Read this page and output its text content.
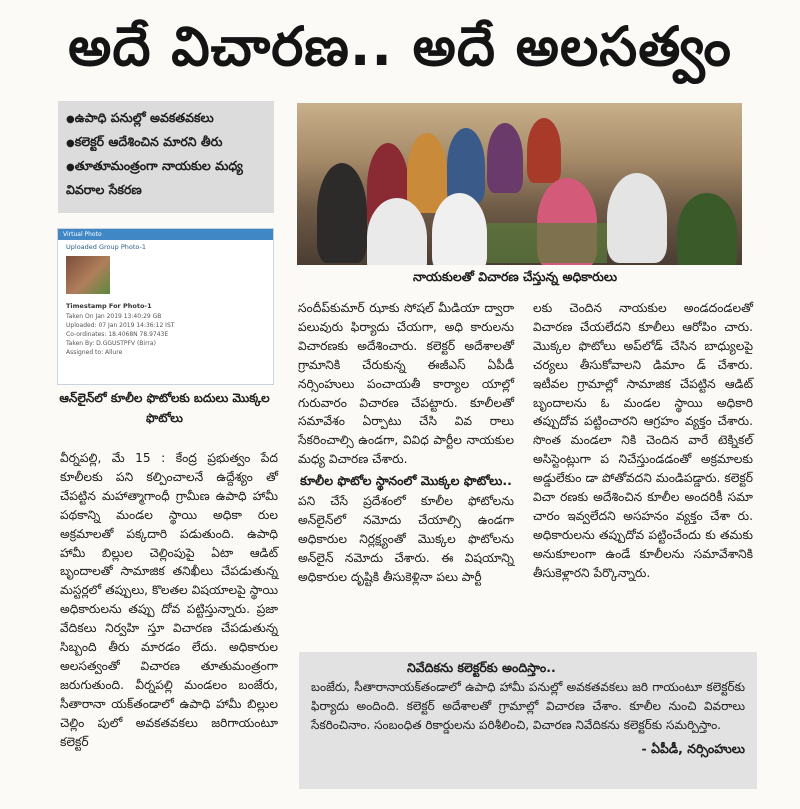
అదే విచారణ.. అదే అలసత్వం
● ఉపాధి పనుల్లో అవకతవకలు
● కలెక్టర్ ఆదేశించిన మారని తీరు
● తూతూమంత్రంగా నాయకుల మధ్య వివరాల సేకరణ
Virtual Photo
Uploaded Group Photo-1
Timestamp For Photo-1
Taken On Jan 2019 13:40:29 GB
Uploaded: 07 Jan 2019 14:36:12 IST
Co-ordinates: 18.4068N 78.9743E
Taken By: D.GGUSTPFV (Birra)
Assigned to: Allure
ఆన్‌లైన్‌లో కూలీల ఫొటోలకు బదులు మొక్కల ఫొటోలు
నాయకులతో విచారణ చేస్తున్న అధికారులు
వీర్నపల్లి, మే 15 : కేంద్ర ప్రభుత్వం పేద కూలీలకు పని కల్పించాలనే ఉద్దేశ్యం తో చేపట్టిన మహాత్మాగాంధీ గ్రామీణ ఉపాధి హామీ పథకాన్ని మండల స్థాయి అధికా రుల అక్రమాలతో పక్కదారి పడుతుంది. ఉపాధి హామీ బిల్లుల చెల్లింపుపై ఏటా ఆడిట్ బృందాలతో సామాజిక తనిఖీలు చేపడుతున్న మస్టర్లలో తప్పులు, కొలతల విషయాలపై స్థాయి అధికారులను తప్పు దోవ పట్టిస్తున్నారు. ప్రజా వేదికలు నిర్వహి స్తూ విచారణ చేపడుతున్న సిబ్బంది తీరు మారడం లేదు. అధికారుల అలసత్వంతో విచారణ తూతుమంత్రంగా జరుగుతుంది. వీర్నపల్లి మండలం బంజేరు, సీతారానా యక్‌తండాలో ఉపాధి హామీ బిల్లుల చెల్లిం పులో అవకతవకలు జరిగాయంటూ కలెక్టర్
సందీప్‌కుమార్ ఝాకు సోషల్ మీడియా ద్వారా పలువురు ఫిర్యాదు చేయగా, అధి కారులను విచారణకు అదేశించారు. కలెక్టర్ అదేశాలతో గ్రామానికి చేరుకున్న ఈజీఎస్ ఏపీడీ నర్సింహులు పంచాయతీ కార్యాల యాల్లో గురువారం విచారణ చేపట్టారు. కూలీలతో సమావేశం ఏర్పాటు చేసి వివ రాలు సేకరించాల్సి ఉండగా, వివిధ పార్టీల నాయకుల మధ్య విచారణ చేశారు.
కూలీల ఫొటోల స్థానంలో మొక్కల ఫొటోలు..
పని చేసే ప్రదేశంలో కూలీల ఫోటోలను అన్‌లైన్‌లో నమోదు చేయాల్సి ఉండగా అధికారుల నిర్లక్ష్యంతో మొక్కల ఫొటోలను అన్‌లైన్ నమోదు చేశారు. ఈ విషయాన్ని అధికారుల దృష్టికి తీసుకెళ్లినా పలు పార్టీ
లకు చెందిన నాయకుల అండదండలతో విచారణ చేయలేదని కూలీలు ఆరోపిం చారు. మొక్కల ఫొటోలు అప్‌లోడ్ చేసిన బాధ్యులపై చర్యలు తీసుకోవాలని డిమాం డ్ చేశారు. ఇటీవల గ్రామాల్లో సామాజిక చేపట్టిన ఆడిట్ బృందాలను ఓ మండల స్థాయి అధికారి తప్పుదోవ పట్టించారని ఆగ్రహం వ్యక్తం చేశారు. సొంత మండలా నికి చెందిన వారే టెక్నికల్ అసిస్టెంట్లుగా ప నిచేస్తుండడంతో అక్రమాలకు అడ్డులేకుం డా పోతోవదని మండిపడ్డారు. కలెక్టర్ విచా రణకు అదేశించిన కూలీల అందరికీ సమా చారం ఇవ్వలేదని అసహనం వ్యక్తం చేశా రు. అధికారులను తప్పుదోవ పట్టించేందు కు తమకు అనుకూలంగా ఉండే కూలీలను సమావేశానికి తీసుకెళ్లారని పేర్కొన్నారు.
నివేదికను కలెక్టర్‌కు అందిస్తాం..
బంజేరు, సీతారానాయక్‌తండాలో ఉపాధి హామీ పనుల్లో అవకతవకలు జరి గాయంటూ కలెక్టర్‌కు ఫిర్యాదు అందింది. కలెక్టర్ అదేశాలతో గ్రామాల్లో విచారణ చేశాం. కూలీల నుంచి వివరాలు సేకరించినాం. సంబంధిత రికార్డులను పరిశీలించి, విచారణ నివేదికను కలెక్టర్‌కు సమర్పిస్తాం.
- ఏపీడీ, నర్సింహులు
